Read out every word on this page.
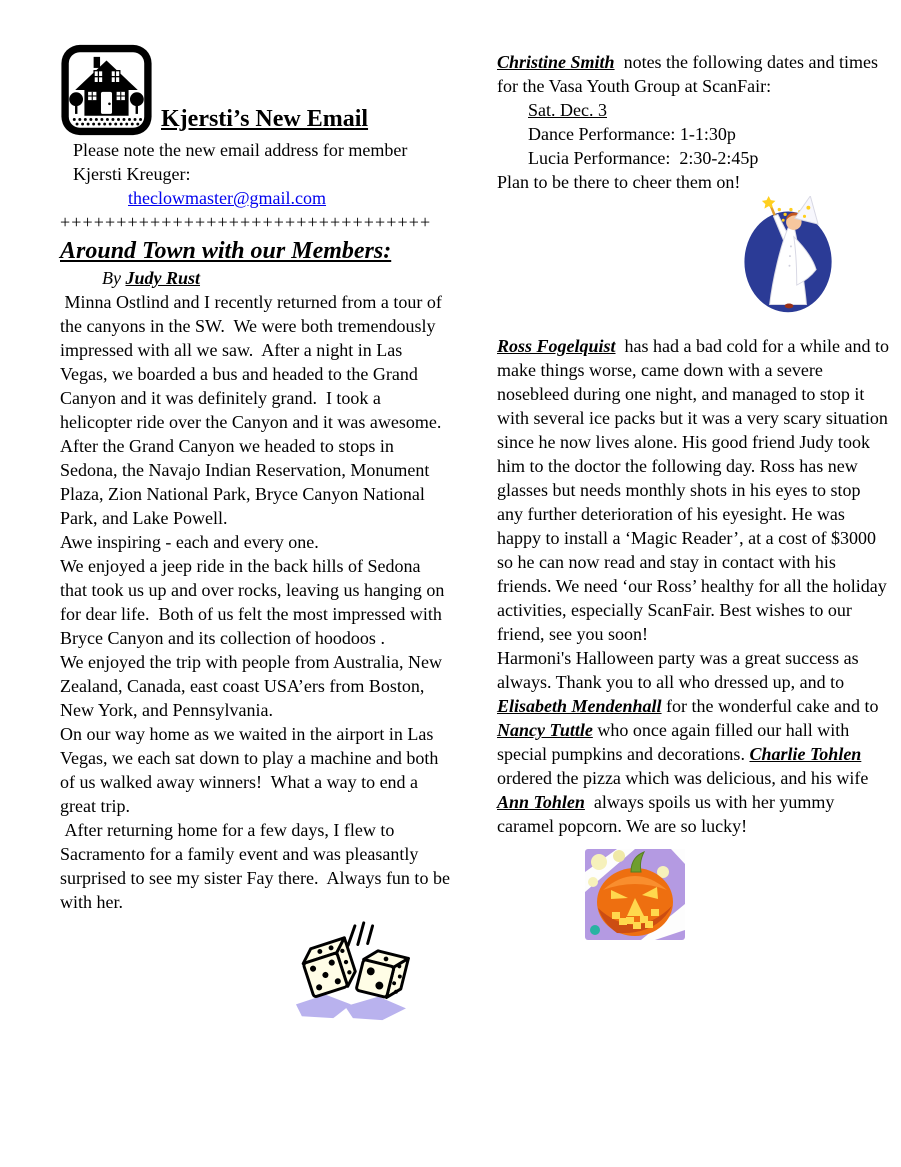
Kjersti’s New Email

Please note the new email address for member Kjersti Kreuger:

theclowmaster@gmail.com

+++++++++++++++++++++++++++++++++
Around Town with our Members:

By Judy Rust

Minna Ostlind and I recently returned from a tour of the canyons in the SW.  We were both tremendously impressed with all we saw.  After a night in Las Vegas, we boarded a bus and headed to the Grand Canyon and it was definitely grand.  I took a helicopter ride over the Canyon and it was awesome.  After the Grand Canyon we headed to stops in Sedona, the Navajo Indian Reservation, Monument Plaza, Zion National Park, Bryce Canyon National Park, and Lake Powell.

Awe inspiring - each and every one.

We enjoyed a jeep ride in the back hills of Sedona that took us up and over rocks, leaving us hanging on for dear life.  Both of us felt the most impressed with Bryce Canyon and its collection of hoodoos .

We enjoyed the trip with people from Australia, New Zealand, Canada, east coast USA’ers from Boston, New York, and Pennsylvania.

On our way home as we waited in the airport in Las Vegas, we each sat down to play a machine and both of us walked away winners!  What a way to end a great trip.

After returning home for a few days, I flew to Sacramento for a family event and was pleasantly surprised to see my sister Fay there.  Always fun to be with her.

Christine Smith  notes the following dates and times for the Vasa Youth Group at ScanFair:

Sat. Dec. 3

Dance Performance: 1-1:30p

Lucia Performance:  2:30-2:45p

Plan to be there to cheer them on!

Ross Fogelquist  has had a bad cold for a while and to make things worse, came down with a severe nosebleed during one night, and managed to stop it with several ice packs but it was a very scary situation since he now lives alone. His good friend Judy took him to the doctor the following day. Ross has new glasses but needs monthly shots in his eyes to stop any further deterioration of his eyesight. He was happy to install a ‘Magic Reader’, at a cost of $3000 so he can now read and stay in contact with his friends. We need ‘our Ross’ healthy for all the holiday activities, especially ScanFair. Best wishes to our friend, see you soon!

Harmoni's Halloween party was a great success as always. Thank you to all who dressed up, and to Elisabeth Mendenhall for the wonderful cake and to Nancy Tuttle who once again filled our hall with special pumpkins and decorations. Charlie Tohlen ordered the pizza which was delicious, and his wife Ann Tohlen  always spoils us with her yummy caramel popcorn. We are so lucky!
